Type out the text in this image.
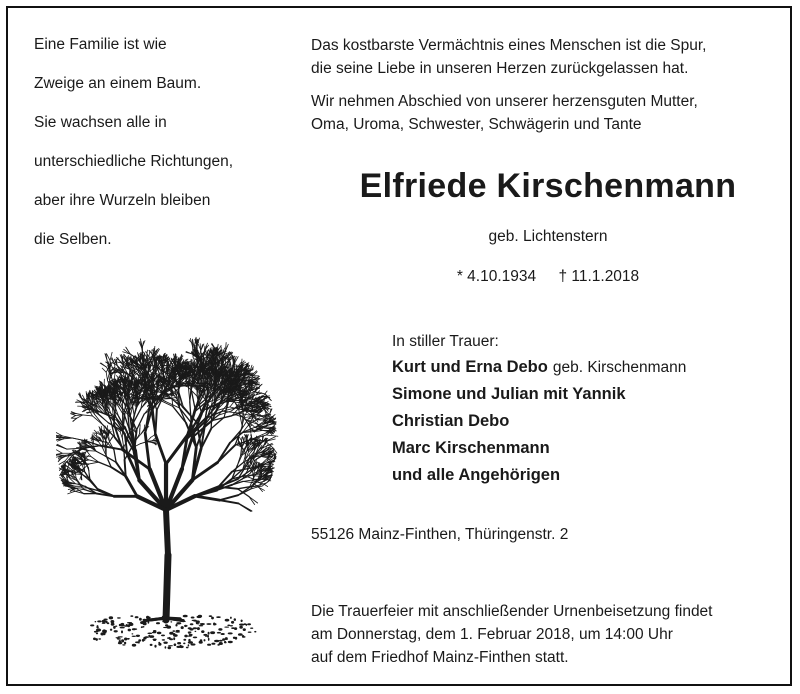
Eine Familie ist wie
Zweige an einem Baum.
Sie wachsen alle in
unterschiedliche Richtungen,
aber ihre Wurzeln bleiben
die Selben.
Das kostbarste Vermächtnis eines Menschen ist die Spur,
die seine Liebe in unseren Herzen zurückgelassen hat.
Wir nehmen Abschied von unserer herzensguten Mutter,
Oma, Uroma, Schwester, Schwägerin und Tante
Elfriede Kirschenmann
geb. Lichtenstern
* 4.10.1934 † 11.1.2018
In stiller Trauer:
Kurt und Erna Debo geb. Kirschenmann
Simone und Julian mit Yannik
Christian Debo
Marc Kirschenmann
und alle Angehörigen
55126 Mainz-Finthen, Thüringenstr. 2
Die Trauerfeier mit anschließender Urnenbeisetzung findet
am Donnerstag, dem 1. Februar 2018, um 14:00 Uhr
auf dem Friedhof Mainz-Finthen statt.
